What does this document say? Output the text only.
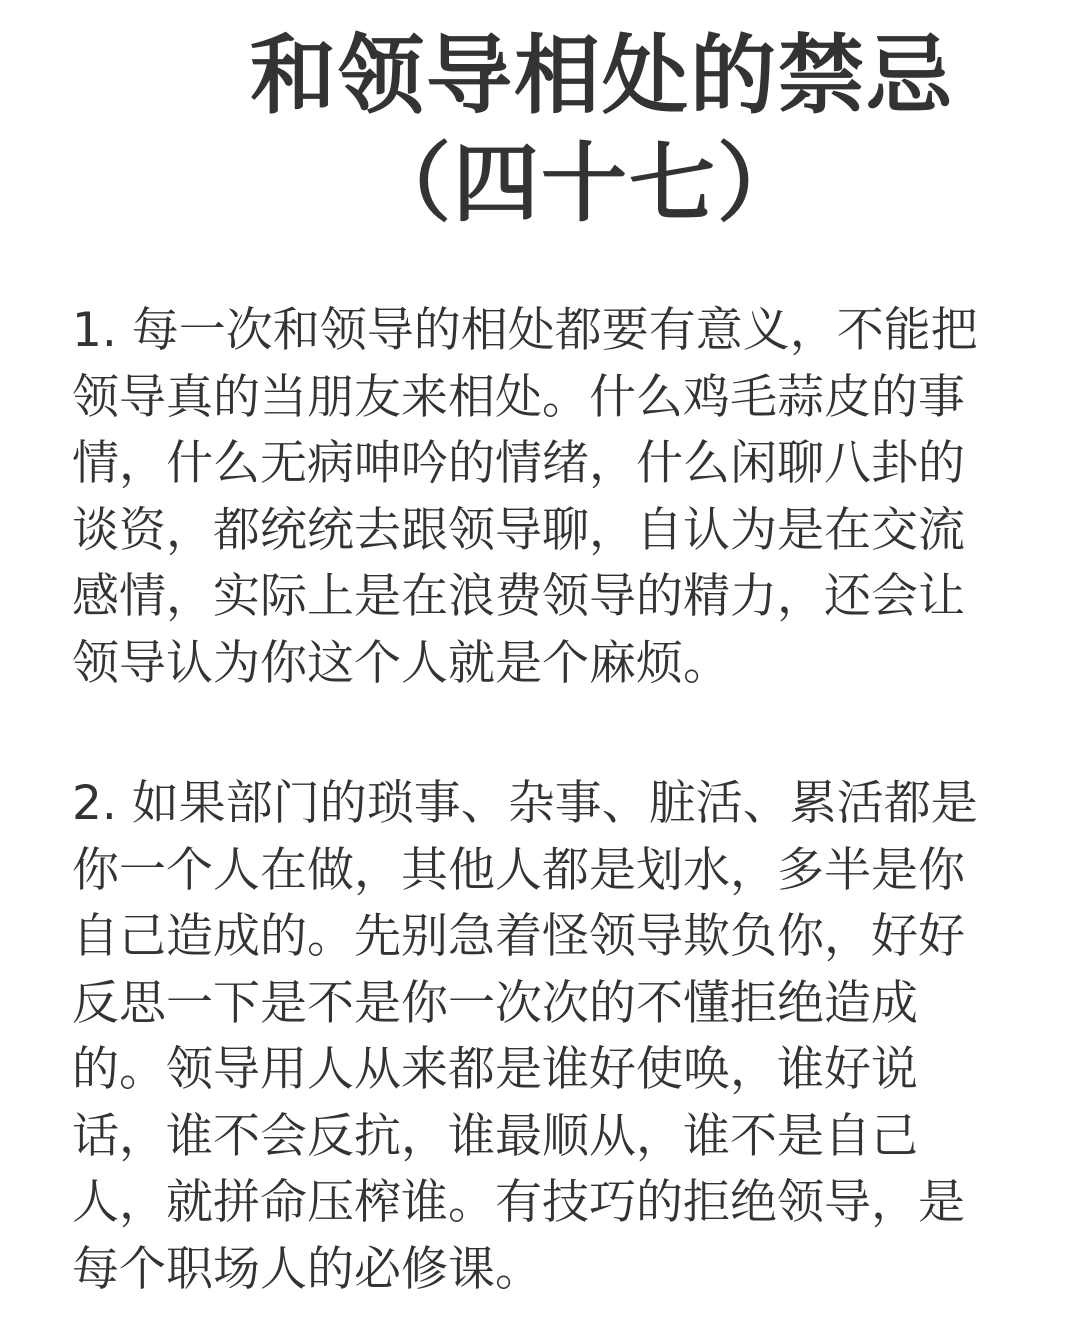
和领导相处的禁忌
（四十七）
1. 每一次和领导的相处都要有意义，不能把
领导真的当朋友来相处。什么鸡毛蒜皮的事
情，什么无病呻吟的情绪，什么闲聊八卦的
谈资，都统统去跟领导聊，自认为是在交流
感情，实际上是在浪费领导的精力，还会让
领导认为你这个人就是个麻烦。
2. 如果部门的琐事、杂事、脏活、累活都是
你一个人在做，其他人都是划水，多半是你
自己造成的。先别急着怪领导欺负你，好好
反思一下是不是你一次次的不懂拒绝造成
的。领导用人从来都是谁好使唤，谁好说
话，谁不会反抗，谁最顺从，谁不是自己
人，就拼命压榨谁。有技巧的拒绝领导，是
每个职场人的必修课。
